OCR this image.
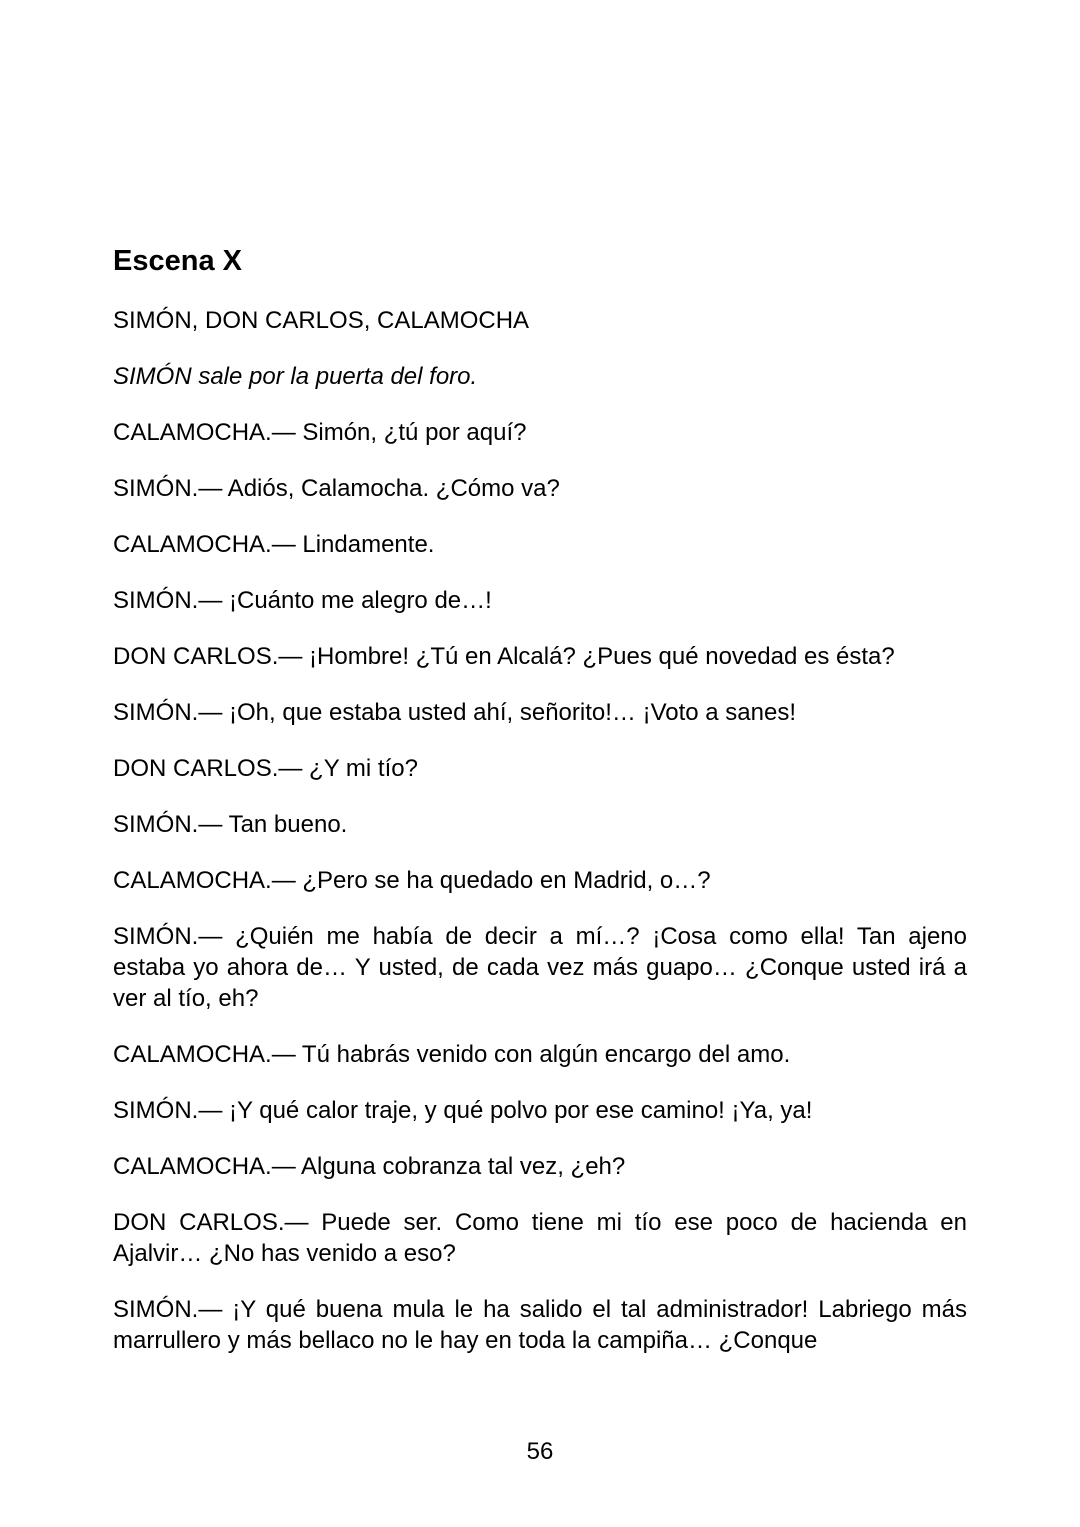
Escena X

SIMÓN, DON CARLOS, CALAMOCHA

SIMÓN sale por la puerta del foro.

CALAMOCHA.— Simón, ¿tú por aquí?

SIMÓN.— Adiós, Calamocha. ¿Cómo va?

CALAMOCHA.— Lindamente.

SIMÓN.— ¡Cuánto me alegro de…!

DON CARLOS.— ¡Hombre! ¿Tú en Alcalá? ¿Pues qué novedad es ésta?

SIMÓN.— ¡Oh, que estaba usted ahí, señorito!… ¡Voto a sanes!

DON CARLOS.— ¿Y mi tío?

SIMÓN.— Tan bueno.

CALAMOCHA.— ¿Pero se ha quedado en Madrid, o…?

SIMÓN.— ¿Quién me había de decir a mí…? ¡Cosa como ella! Tan ajeno estaba yo ahora de… Y usted, de cada vez más guapo… ¿Conque usted irá a ver al tío, eh?

CALAMOCHA.— Tú habrás venido con algún encargo del amo.

SIMÓN.— ¡Y qué calor traje, y qué polvo por ese camino! ¡Ya, ya!

CALAMOCHA.— Alguna cobranza tal vez, ¿eh?

DON CARLOS.— Puede ser. Como tiene mi tío ese poco de hacienda en Ajalvir… ¿No has venido a eso?

SIMÓN.— ¡Y qué buena mula le ha salido el tal administrador! Labriego más marrullero y más bellaco no le hay en toda la campiña… ¿Conque

56
